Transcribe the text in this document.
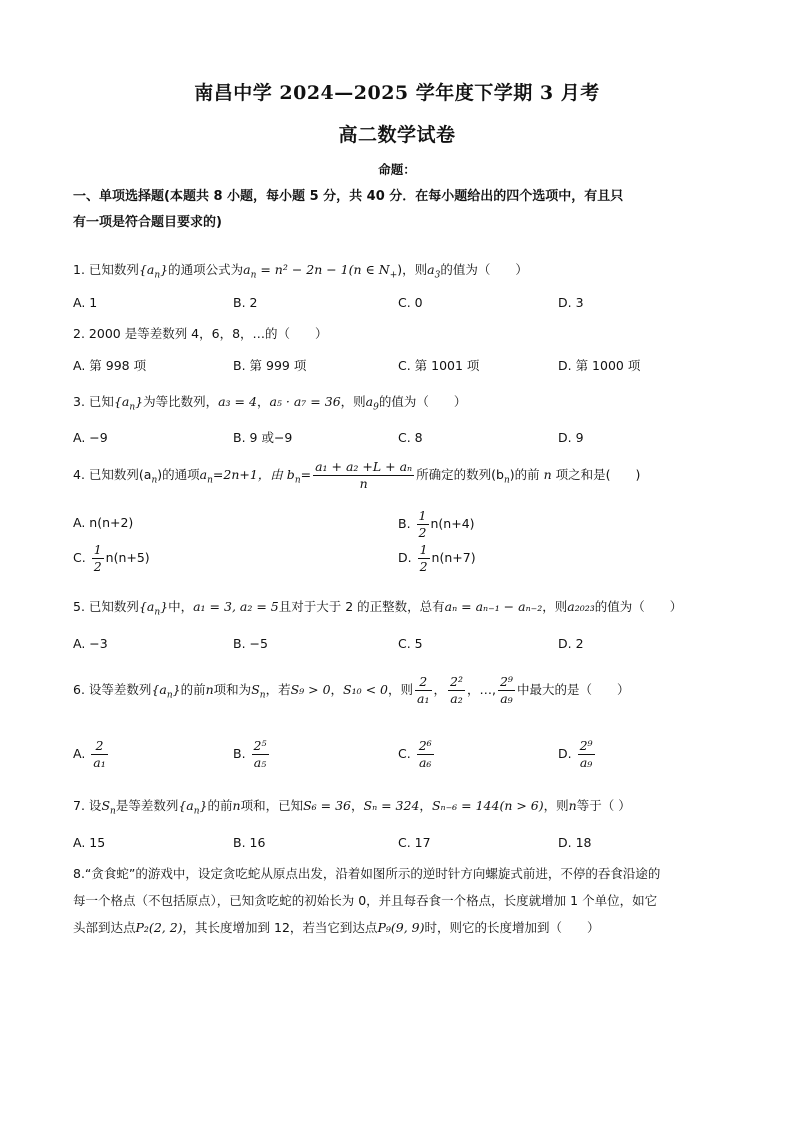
南昌中学 2024—2025 学年度下学期 3 月考
高二数学试卷
命题：
一、单项选择题(本题共 8 小题，每小题 5 分，共 40 分．在每小题给出的四个选项中，有且只
有一项是符合题目要求的)
1. 已知数列$\{a_n\}$的通项公式为$a_n = n^2 - 2n - 1(n$ ∈ $N_+$)，则$a_3$的值为（　　）
A. 1	B. 2	C. 0	D. 3
2. 2000 是等差数列 4，6，8，…的（　　）
A. 第 998 项	B. 第 999 项	C. 第 1001 项	D. 第 1000 项
3. 已知$\{a_n\}$为等比数列，a₃ = 4，a₅ · a₇ = 36，则$a_9$的值为（　　）
A. −9	B. 9 或−9	C. 8	D. 9
4. 已知数列$(a_n)$的通项$a_n=2n+1$，由 $b_n= \frac{\text{a₁ + a₂ +L + aₙ}}{n}$ 所确定的数列$(b_n)$的前 n 项之和是(　　)
A. n(n+2)	B. $\frac{1}{2} n(n+4)$
C. $\frac{1}{2} n(n+5)$	D. $\frac{1}{2} n(n+7)$
5. 已知数列$\{a_n\}$中，a₁ = 3, a₂ = 5且对于大于 2 的正整数，总有aₙ = aₙ₋₁ − aₙ₋₂，则a₂₀₂₃的值为（　　）
A. −3	B. −5	C. 5	D. 2
6. 设等差数列$\{a_n\}$的前n项和为$S_n$，若S₉ > 0，S₁₀ < 0，则 $\frac{2}{\text{a₁}}$ ， $\frac{\text{2²}}{\text{a₂}}$ ，…, $\frac{\text{2⁹}}{\text{a₉}}$ 中最大的是（　　）
A. $\frac{2}{\text{a₁}}$	B. $\frac{\text{2⁵}}{\text{a₅}}$	C. $\frac{\text{2⁶}}{\text{a₆}}$	D. $\frac{\text{2⁹}}{\text{a₉}}$
7. 设$S_n$是等差数列$\{a_n\}$的前n项和，已知S₆ = 36，Sₙ = 324，Sₙ₋₆ = 144(n > 6)，则n等于（ ）
A. 15	B. 16	C. 17	D. 18
8.“贪食蛇”的游戏中，设定贪吃蛇从原点出发，沿着如图所示的逆时针方向螺旋式前进，不停的吞食沿途的
每一个格点（不包括原点），已知贪吃蛇的初始长为 0，并且每吞食一个格点，长度就增加 1 个单位，如它
头部到达点P₂(2, 2)，其长度增加到 12，若当它到达点P₉(9, 9)时，则它的长度增加到（　　）
